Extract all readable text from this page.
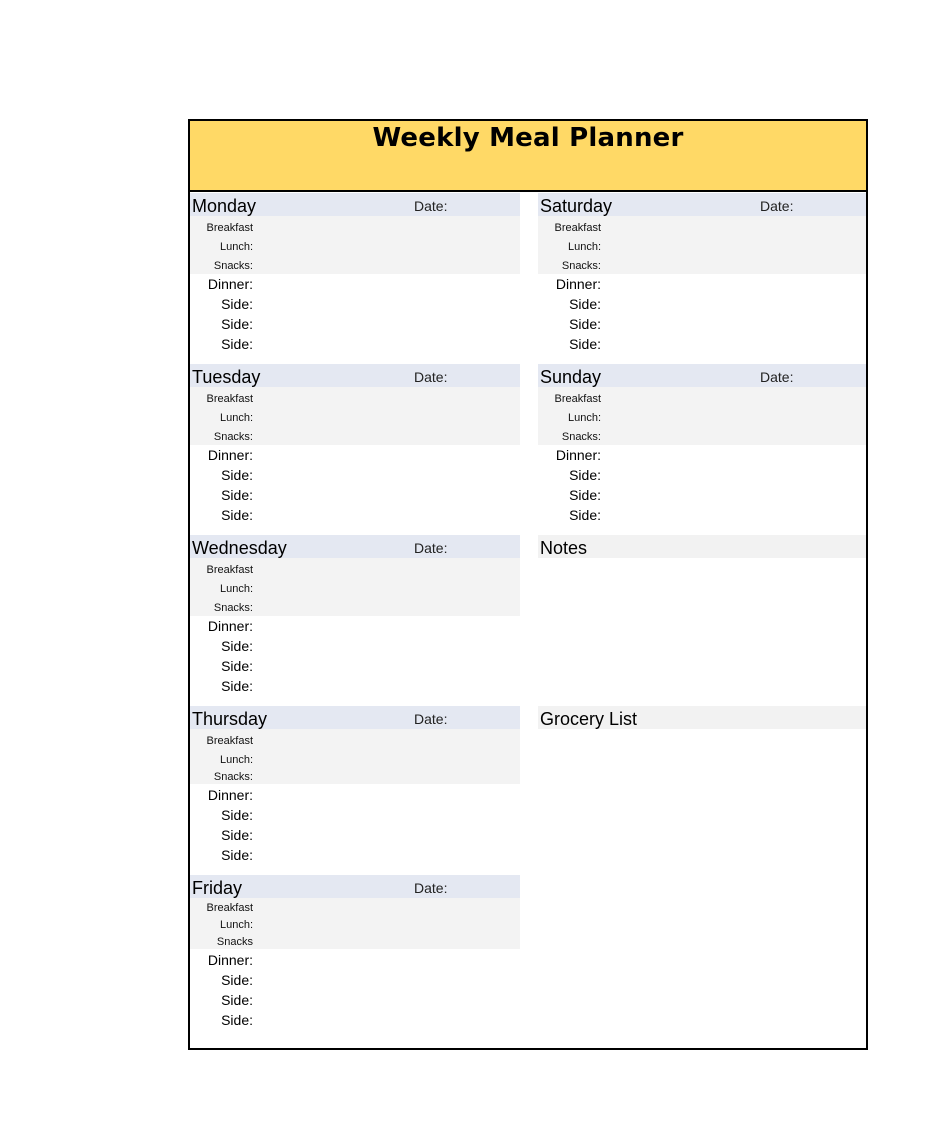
Weekly Meal Planner
Monday	Date:
Breakfast
Lunch:
Snacks:
Dinner:
Side:
Side:
Side:
Tuesday	Date:
Breakfast
Lunch:
Snacks:
Dinner:
Side:
Side:
Side:
Wednesday	Date:
Breakfast
Lunch:
Snacks:
Dinner:
Side:
Side:
Side:
Thursday	Date:
Breakfast
Lunch:
Snacks:
Dinner:
Side:
Side:
Side:
Friday	Date:
Breakfast
Lunch:
Snacks
Dinner:
Side:
Side:
Side:
Saturday	Date:
Breakfast
Lunch:
Snacks:
Dinner:
Side:
Side:
Side:
Sunday	Date:
Breakfast
Lunch:
Snacks:
Dinner:
Side:
Side:
Side:
Notes
Grocery List
